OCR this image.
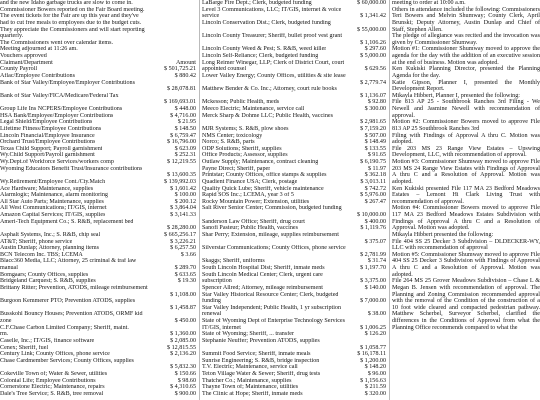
and the new Idaho garbage trucks are slow to come in.
Commissioner Bowers reported on the Fair Board meeting.
The event tickets for the Fair are up this year and they've
had to cut free meals to employees due to the budget cuts.
They appreciate the Commissioners and will start reporting
quarterly.
The Commissioners went over calendar items.
Meeting adjourned at 11:26 am.
Vouchers approved
Claimant/Department	Amount
County Payroll	$ 501,725.21
Aflac/Employee Contributions	$ 880.42
Bank of Star Valley/Employee/Employer Contributions
$ 28,078.81
Bank of Star Valley/FICA/Medicare/Federal Tax
$ 169,693.01
Group Life Ins NCPERS/Employee Contributions	$ 448.00
HSA Bank/Employee/Employer Contributions	$ 4,716.00
Legal Shield/Employee Contributions	$ 21.95
Lifetime Fitness/Employee Contributions	$ 148.50
Lincoln Financial/Employee Insurance	$ 6,759.47
Orchard Trust/Employee Contributions	$ 16,796.00
Texas Child Support; Payroll garnishment	$ 623.09
Wy.Child Support/Payroll garnishment	$ 252.31
Wy.Dept.of Workforce Services/workers comp	$ 12,219.55
Wyoming Educators Benefit Trust/Insurance contributions
$ 13,600.35
Wy.Retirement/Employee Cont./Cty.Match	$ 139,992.03
Ace Hardware; Maintenance, supplies	$ 1,601.42
Alarmlogic; Maintenance, alarm monitoring	$ 100.00
All Star Auto Parts; Maintenance, supplies	$ 200.12
All West Communications; IT/GIS, internet	$ 3,864.04
Amazon Capital Services; IT/GIS, supplies	$ 3,141.33
Ameri-Tech Equipment Co.; S. R&B, replacement bed
$ 28,280.00
Asphalt Systems, Inc.; S. R&B, chip seal	$ 665,256.17
AT&T; Sheriff, phone service	$ 3,226.21
Austin Dunlap; Attorney, planning items	$ 6,257.50
BCN Telecom Inc. TBS; LCEMA	$ 3.66
Blacc360 Media, LLC; Attorney, 25 criminal & traf law
manual	$ 289.70
Bomgaars; County Offices, supplies	$ 633.65
Bridgeland Carquest; S. R&B, supplies	$ 19.30
Brittany Ritter; Prevention, ATODS, mileage reimbursement
$ 1,108.00
Burgoon Kemmerer PTO; Prevention ATODS, supplies
$ 1,458.87
Busskohl Bouncy Houses; Prevention ATODS, ORMF kid
zone	$ 450.00
C.F.Chase Carbon Limited Company; Sheriff, maint.
rm.	$ 1,360.00
Caselle, Inc.; IT/GIS, finance software	$ 2,085.00
Cenex; Sheriff, fuel	$ 12,815.55
Century Link; County Offices, phone service	$ 2,136.20
Chase Cardmember Services; County Offices, supplies
$ 5,832.30
Cokeville Town of; Water & Sewer, utilities	$ 150.66
Colonial Life; Employee Contributions	$ 98.60
Cornerstone Electric; Maintenance, repairs	$ 4,310.65
Dale's Tree Service; S. R&B, tree removal	$ 900.00
LaBarge Fire Dept.; Clerk, budgeted funding	$ 60,000.00
Level 3 Communications, LLC; IT/GIS, internet & voice
service	$ 1,341.42
Lincoln Conservation Dist.; Clerk, budgeted funding
$ 55,000.00
Lincoln County Treasurer; Sheriff, bullet proof vest grant
$ 1,106.26
Lincoln County Weed & Pest; S. R&B, weed killer	$ 297.60
Lincoln Self-Reliance; Clerk, budgeted funding	$ 5,000.00
Long Reimer Winegar, LLP; Clerk of District Court, court
appointed counsel	$ 629.56
Lower Valley Energy; County Offices, utilities & site lease
$ 2,779.74
Matthew Bender & Co. Inc.; Attorney, court rule books
$ 1,136.07
Mckesson; Public Health, meds	$ 92.80
Meeco Electric; Maintenance, service call	$ 300.00
Merck Sharp & Dohme LLC; Public Health, vaccines
$ 2,981.65
MJR Systems; S. R&B, plow shoes	$ 7,159.20
NMS Center; toxicology	$ 507.00
Norco; S. R&B, parts	$ 148.49
ODP Solutions; Sheriff, supplies	$ 133.55
Office Products; Assessor, supplies	$ 91.65
Outlaw Supply; Maintenance, contract cleaning	$ 6,190.75
Payne Direct; Sheriff, paper	$ 11.97
Printstar; County Offices, office stamps & supplies	$ 362.18
Quadient Finance USA; Clerk, postage	$ 3,013.11
Quality Quick Lube; Sheriff, vehicle maintenance	$ 742.72
Rapid SOS Inc.; LCEMA, year 3 of 5	$ 5,976.00
Rocky Mountain Power; Extension, utilities	$ 267.47
Salt River Senior Center; Commission, budgeted funding
$ 10,000.00
Sanderson Law Office; Sheriff, drug court	$ 400.00
Sanofi Pasteur; Public Health, vaccines	$ 1,119.76
Shar Perry; Extension, mileage, supplies reimbursement
$ 375.07
Silverstar Communications; County Offices, phone service
$ 2,781.99
Skaggs; Sheriff, uniforms	$ 31.74
South Lincoln Hospital Dist; Sheriff, inmate meds	$ 1,197.70
South Lincoln Medical Center; Clerk, urgent care
subscription	$ 3,375.00
Spencer Allred; Attorney, mileage reimbursement	$ 140.00
Star Valley Historical Resource Center; Clerk, budgeted
funding	$ 7,000.00
Star Valley Independent; Public Health, 1 yr subscription
renewal	$ 38.00
State of Wyoming Dept of Enterprise Technology Services
IT/GIS, internet	$ 1,006.25
State of Wyoming; Sheriff, ... transfer	$ 126.20
Stephanie Neuffer; Prevention ATODS, supplies
$ 1,058.77
Summit Food Service; Sheriff, inmate meals	$ 16,178.11
Sunrise Engineering; S. R&B, bridge inspection	$ 1,200.00
T.V. Electric; Maintenance, service call	$ 148.20
Teton Village Water & Sewer; Sheriff, drug tests	$ 96.00
Thatcher Co.; Maintenance, supplies	$ 1,156.63
Thayne Town of; Maintenance, utilities	$ 211.59
The Clinic at Hope; Sheriff, inmate meds	$ 320.00
meeting to order at 10:00 a.m.
Others in attendance included the following: Commissioners Teri Bowers and Melvin Shumway; County Clerk, April Brunski; Deputy Attorney, Austin Dunlap and Chief of Staff, Stephen Allen.
The pledge of allegiance was recited and the invocation was given by Commissioner Shumway.
Motion #1: Commissioner Shumway moved to approve the agenda for the day with the addition of an executive session at the end of business. Motion was adopted.
Ken Kukiski Planning Director, presented the Planning Agenda for the day.
Katie Gipson, Planner I, presented the Monthly Development Report.
Mikayla Hibbert, Planner I, presented the following:
File 813 AP 25 - Southbrook Ranches 3rd Filing - We Newell and Jasmine Newell with recommendation of approval.
Motion #2: Commissioner Bowers moved to approve File 813 AP 25 Southbrook Ranches 3rd
Filing with Findings of Approval A thru C. Motion was adopted.
File 203 MS 23 Range View Estates – Upswing Development, LLC, with recommendation of approval.
Motion #3: Commissioner Shumway moved to approve File 203 MS 24 Range View Estates with Findings of Approval A thru C and a Resolution of Approval. Motion was adopted.
Ken Kukiski presented File 117 MA 23 Bedford Meadows Estates – Lemont Hi Clark Living Trust with recommendation of approval.
Motion #4: Commissioner Bowers moved to approve File 117 MA 23 Bedford Meadows Estates Subdivision with Findings of Approval A thru C and a Resolution of Approval. Motion was adopted.
Mikayla Hibbert presented the following:
File 404 SS 25 Decker 3 Subdivision – DLDECKER-WY, LLC with recommendation of approval
Motion #5: Commissioner Shumway moved to approve File 404 SS 25 Decker 3 Subdivision with Findings of Approval A thru C and a Resolution of Approval. Motion was adopted.
File 264 MS 25 Grover Meadows Subdivision – Chase L & Megan B. Jensen with recommendation of approval. The Planning and Zoning Commission recommended approval with the removal of the Condition of the construction of a 10 foot wide cleared and compacted pedestrian pathway. Matthew Scherbel, Surveyor Scherbel, clarified the differences in the Conditions of Approval from what the Planning Office recommends compared to what the
